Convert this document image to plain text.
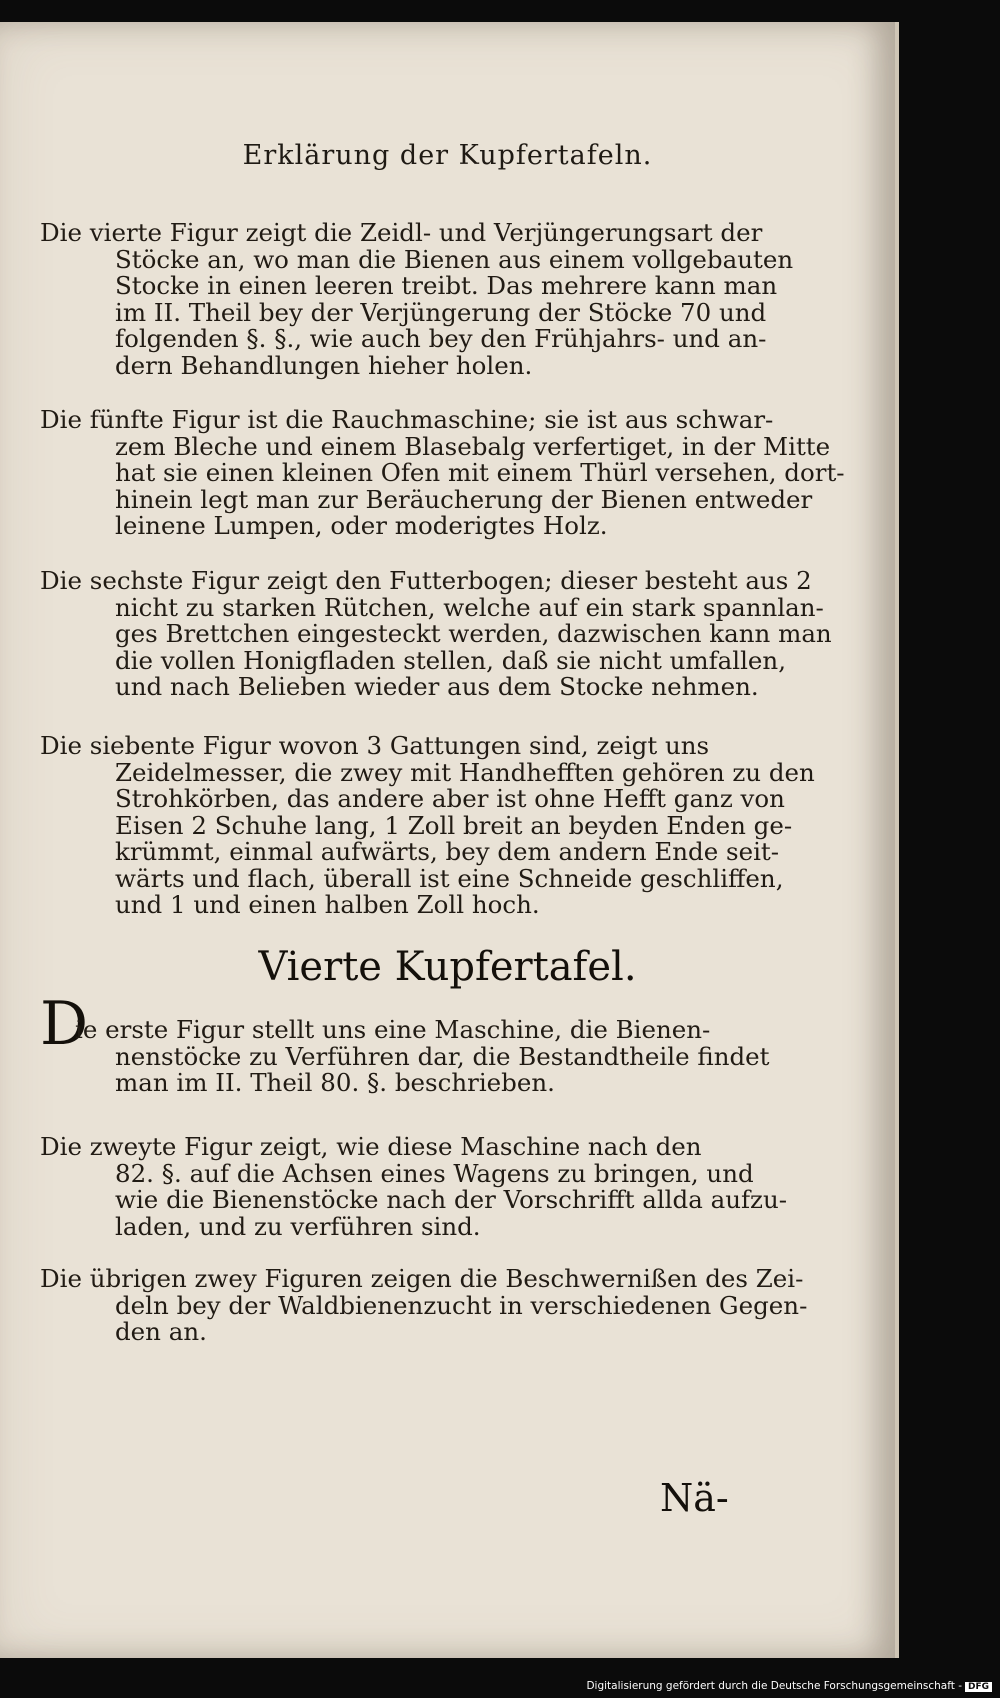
Erklärung der Kupfertafeln.
Die vierte Figur zeigt die Zeidl- und Verjüngerungsart der
Stöcke an, wo man die Bienen aus einem vollgebauten
Stocke in einen leeren treibt. Das mehrere kann man
im II. Theil bey der Verjüngerung der Stöcke 70 und
folgenden §. §., wie auch bey den Frühjahrs- und an-
dern Behandlungen hieher holen.
Die fünfte Figur ist die Rauchmaschine; sie ist aus schwar-
zem Bleche und einem Blasebalg verfertiget, in der Mitte
hat sie einen kleinen Ofen mit einem Thürl versehen, dort-
hinein legt man zur Beräucherung der Bienen entweder
leinene Lumpen, oder moderigtes Holz.
Die sechste Figur zeigt den Futterbogen; dieser besteht aus 2
nicht zu starken Rütchen, welche auf ein stark spannlan-
ges Brettchen eingesteckt werden, dazwischen kann man
die vollen Honigfladen stellen, daß sie nicht umfallen,
und nach Belieben wieder aus dem Stocke nehmen.
Die siebente Figur wovon 3 Gattungen sind, zeigt uns
Zeidelmesser, die zwey mit Handhefften gehören zu den
Strohkörben, das andere aber ist ohne Hefft ganz von
Eisen 2 Schuhe lang, 1 Zoll breit an beyden Enden ge-
krümmt, einmal aufwärts, bey dem andern Ende seit-
wärts und flach, überall ist eine Schneide geschliffen,
und 1 und einen halben Zoll hoch.
Vierte Kupfertafel.
D
ie erste Figur stellt uns eine Maschine, die Bienen-
nenstöcke zu Verführen dar, die Bestandtheile findet
man im II. Theil 80. §. beschrieben.
Die zweyte Figur zeigt, wie diese Maschine nach den
82. §. auf die Achsen eines Wagens zu bringen, und
wie die Bienenstöcke nach der Vorschrifft allda aufzu-
laden, und zu verführen sind.
Die übrigen zwey Figuren zeigen die Beschwernißen des Zei-
deln bey der Waldbienenzucht in verschiedenen Gegen-
den an.
Nä-
Digitalisierung gefördert durch die Deutsche Forschungsgemeinschaft - DFG
